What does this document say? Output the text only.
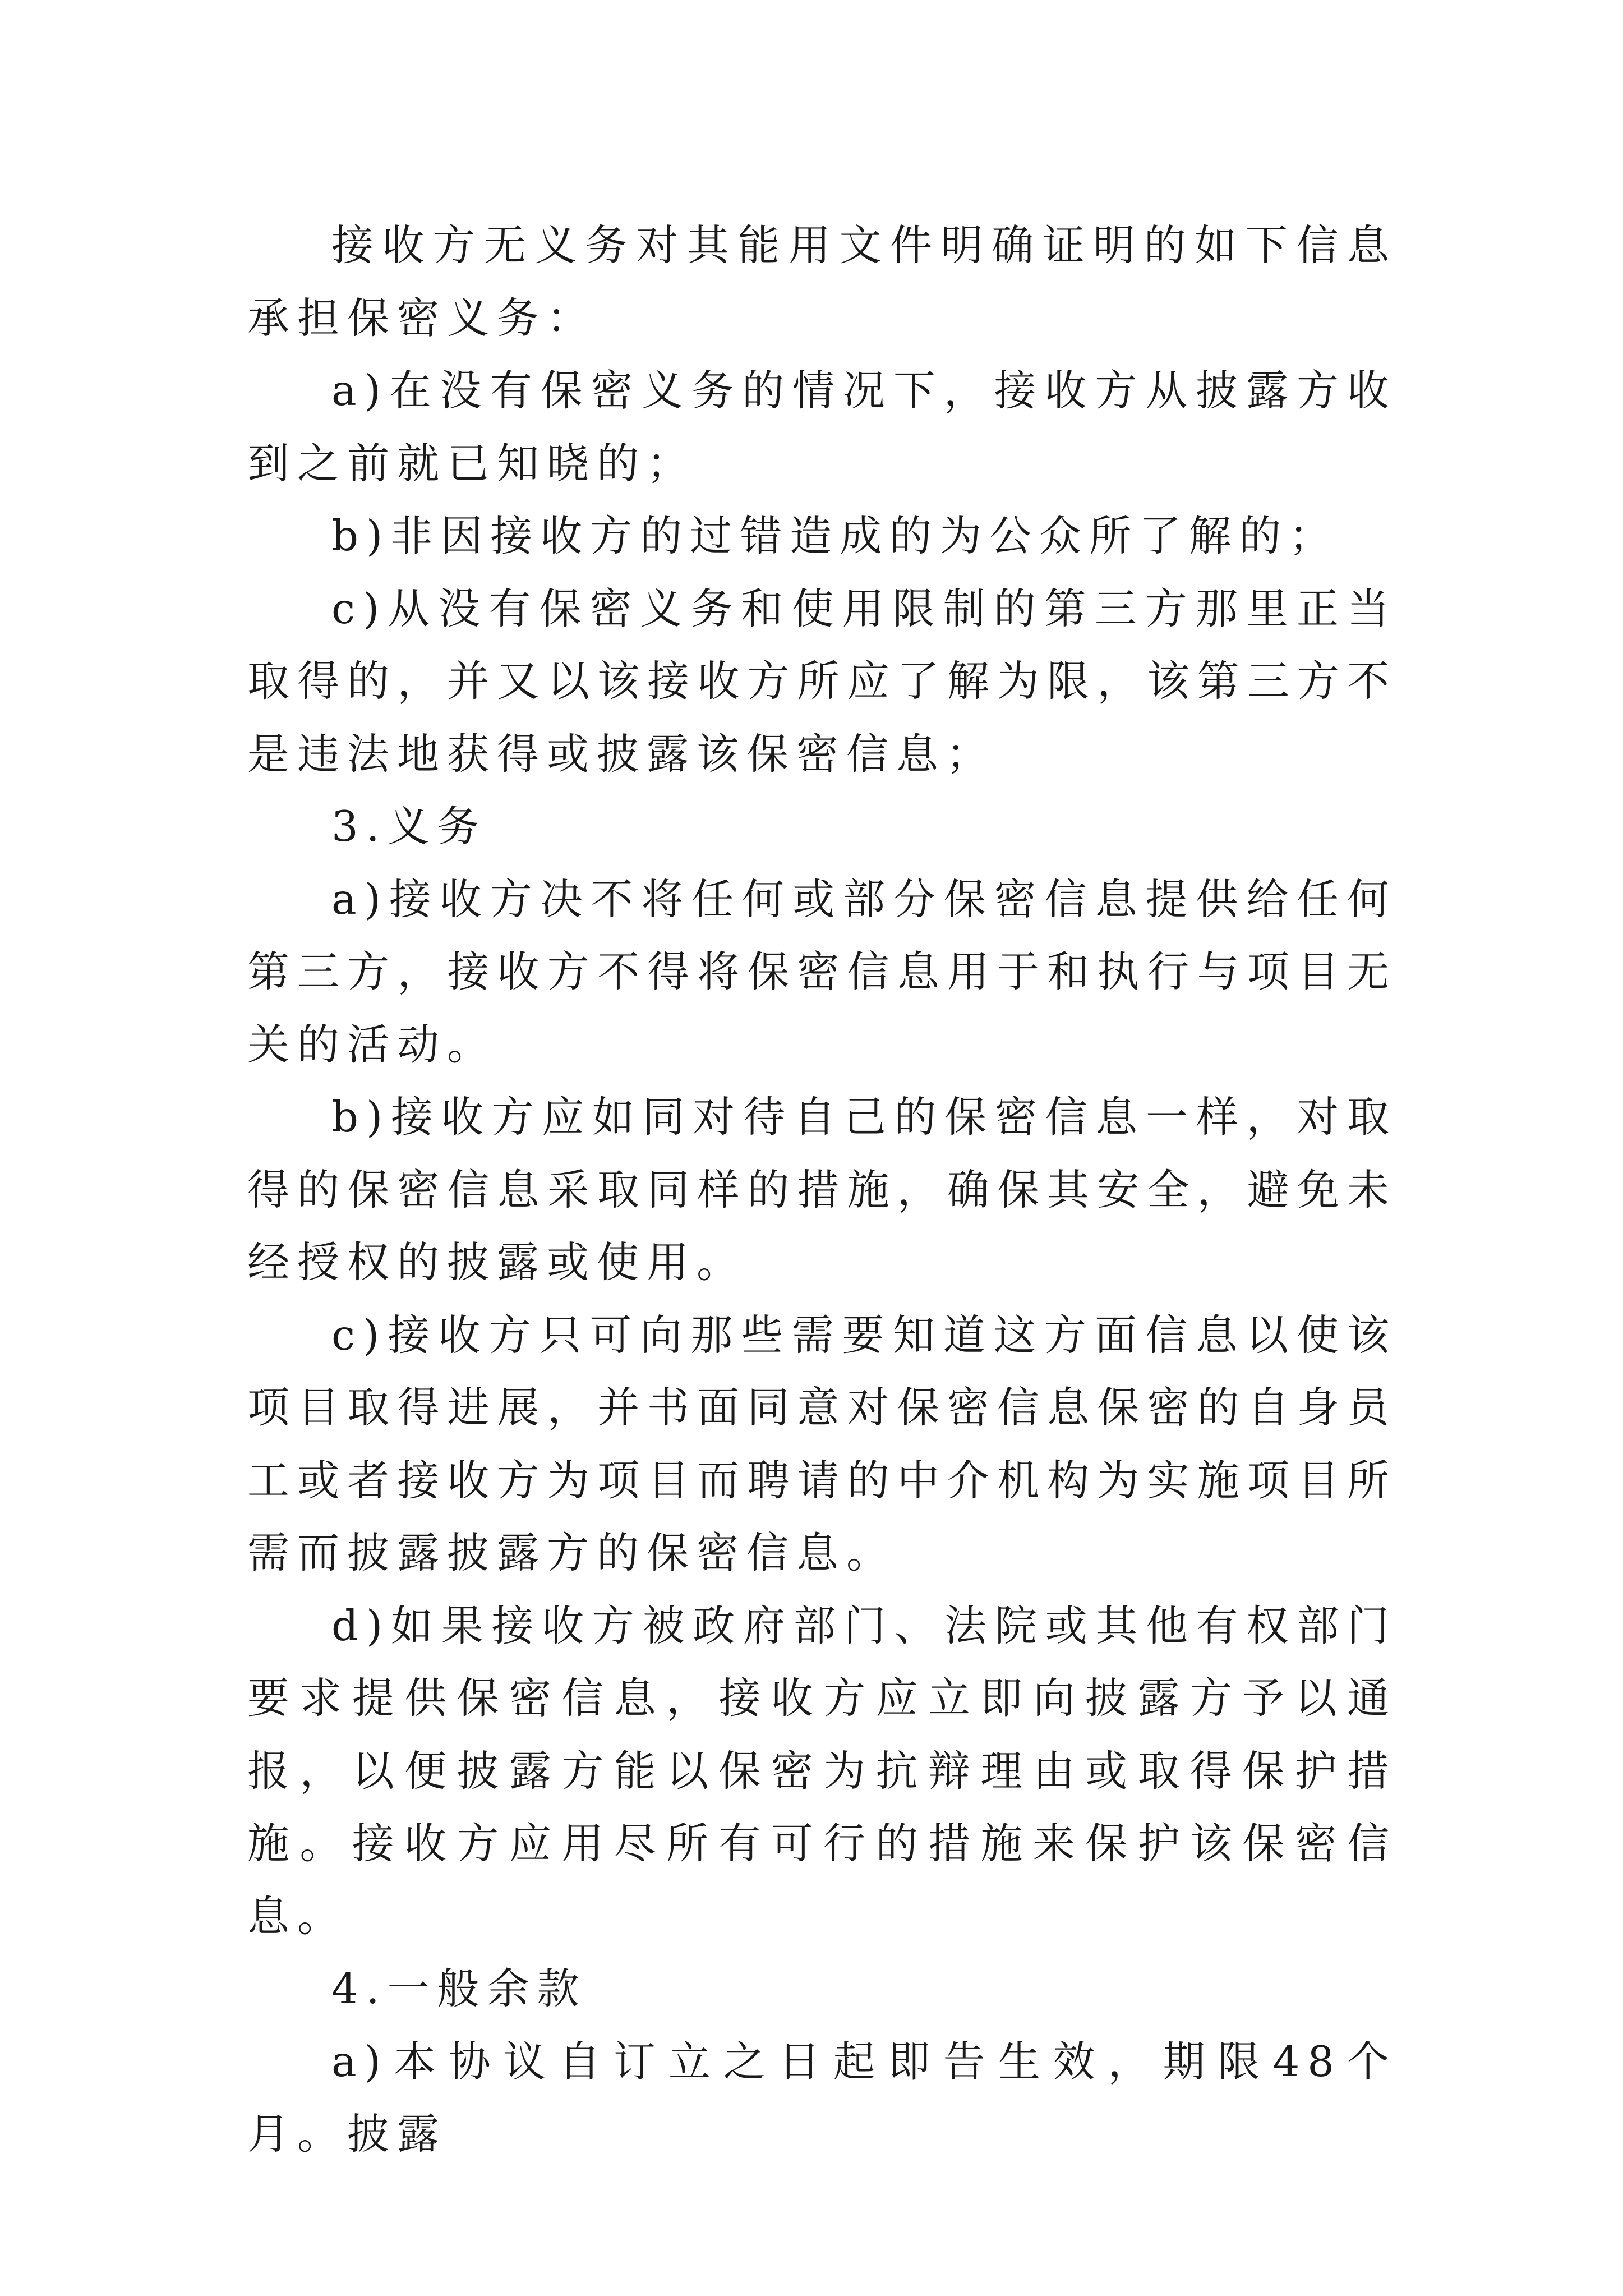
接收方无义务对其能用文件明确证明的如下信息承担保密义务：

a)在没有保密义务的情况下，接收方从披露方收到之前就已知晓的；

b)非因接收方的过错造成的为公众所了解的；

c)从没有保密义务和使用限制的第三方那里正当取得的，并又以该接收方所应了解为限，该第三方不是违法地获得或披露该保密信息；

3.义务

a)接收方决不将任何或部分保密信息提供给任何第三方，接收方不得将保密信息用于和执行与项目无关的活动。

b)接收方应如同对待自己的保密信息一样，对取得的保密信息采取同样的措施，确保其安全，避免未经授权的披露或使用。

c)接收方只可向那些需要知道这方面信息以使该项目取得进展，并书面同意对保密信息保密的自身员工或者接收方为项目而聘请的中介机构为实施项目所需而披露披露方的保密信息。

d)如果接收方被政府部门、法院或其他有权部门要求提供保密信息，接收方应立即向披露方予以通报，以便披露方能以保密为抗辩理由或取得保护措施。接收方应用尽所有可行的措施来保护该保密信息。

4.一般余款

a)本协议自订立之日起即告生效，期限48个月。披露
